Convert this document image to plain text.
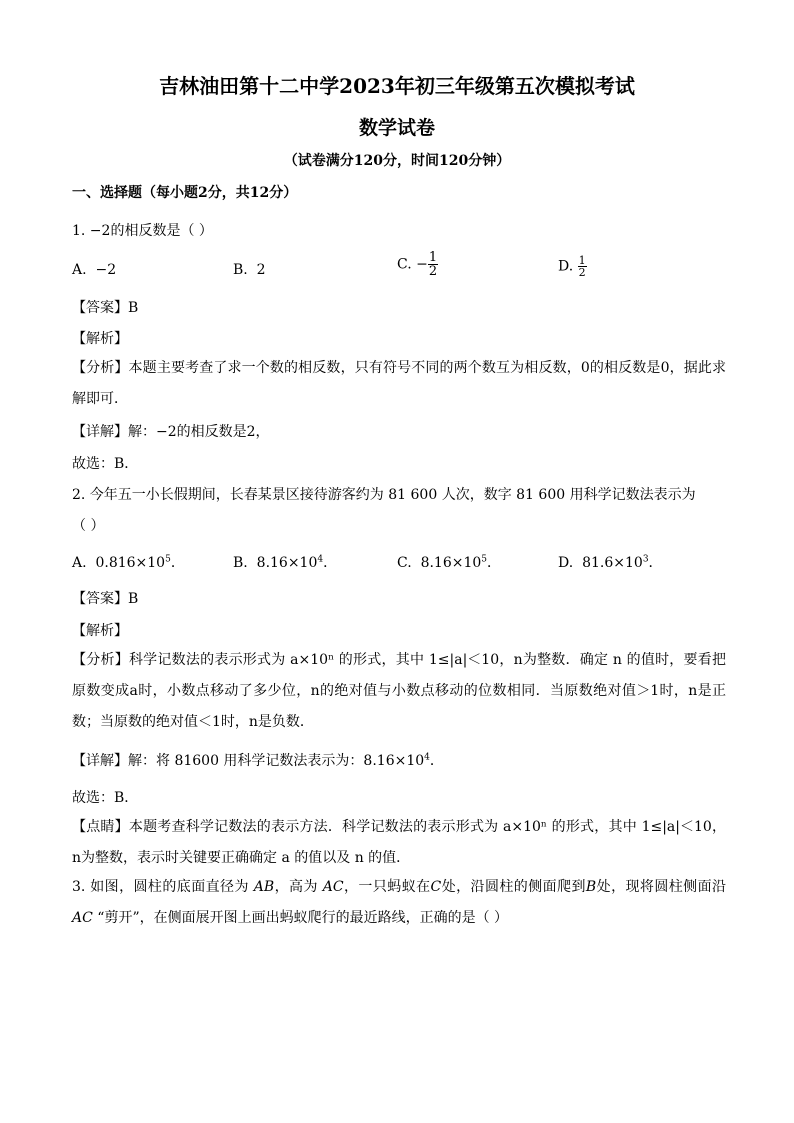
吉林油田第十二中学2023年初三年级第五次模拟考试
数学试卷
（试卷满分120分，时间120分钟）
一、选择题（每小题2分，共12分）
1. −2的相反数是（ ）
A. −2	B. 2	C. − $\frac{1}{2}$	D. $\frac{1}{2}$
【答案】B
【解析】
【分析】本题主要考查了求一个数的相反数，只有符号不同的两个数互为相反数，0的相反数是0，据此求解即可．
【详解】解：−2的相反数是2，
故选：B．
2. 今年五一小长假期间，长春某景区接待游客约为 81 600 人次，数字 81 600 用科学记数法表示为
（ ）
A. $0.816\times 10^5$．	B. $8.16\times 10^4$．	C. $8.16\times 10^5$．	D. $81.6\times 10^3$．
【答案】B
【解析】
【分析】科学记数法的表示形式为 a×10ⁿ 的形式，其中 1≤|a|＜10，n为整数．确定 n 的值时，要看把原数变成a时，小数点移动了多少位，n的绝对值与小数点移动的位数相同．当原数绝对值＞1时，n是正数；当原数的绝对值＜1时，n是负数．
【详解】解：将 81600 用科学记数法表示为：$8.16\times 10^4$．
故选：B．
【点睛】本题考查科学记数法的表示方法．科学记数法的表示形式为 a×10ⁿ 的形式，其中 1≤|a|＜10，n为整数，表示时关键要正确确定 a 的值以及 n 的值．
3. 如图，圆柱的底面直径为 AB，高为 AC，一只蚂蚁在C处，沿圆柱的侧面爬到B处，现将圆柱侧面沿 AC “剪开”，在侧面展开图上画出蚂蚁爬行的最近路线，正确的是（ ）
